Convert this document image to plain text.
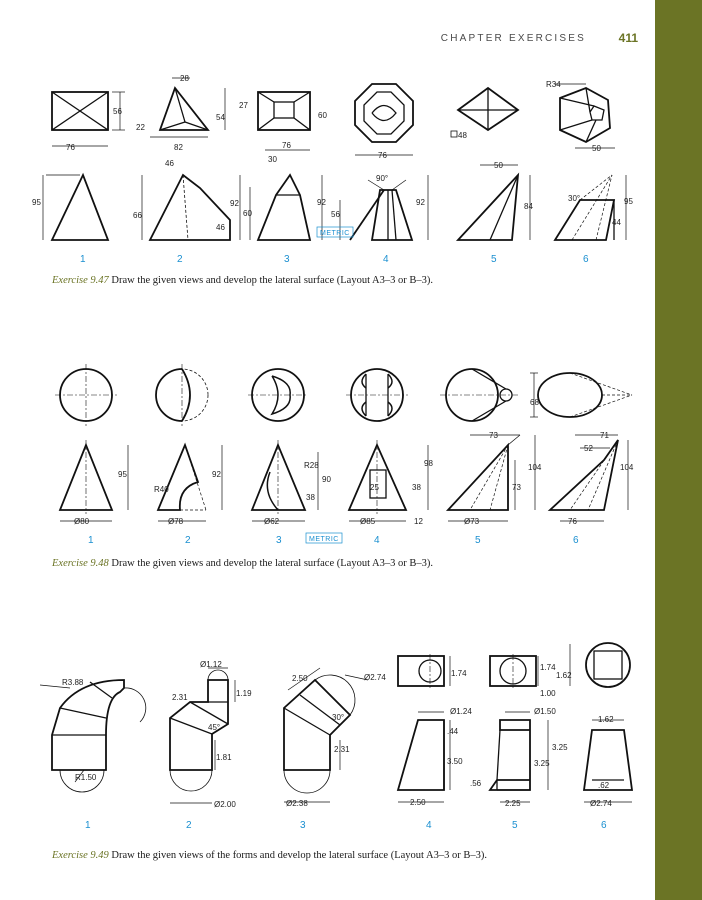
CHAPTER EXERCISES	411
56
76
95
28
22
54
82
46
66
92
46
27
60
76
30
60
92
METRIC
76
56
90°
92
48
50
84
R34
50
30°	95
44
1	2	3	4	5	6
Exercise 9.47 Draw the given views and develop the lateral surface (Layout A3–3 or B–3).
95
Ø80
R40
92
Ø78
R28
90
38
Ø62
98
25	38
Ø85	12
73
104
73
Ø73
68
71
52
104
76
METRIC
1	2	3	4	5	6
Exercise 9.48 Draw the given views and develop the lateral surface (Layout A3–3 or B–3).
R3.88
R1.50
Ø1.12
2.31	1.19
45°
1.81
Ø2.00
2.50	Ø2.74
30°
2.31
Ø2.38
1.74
Ø1.24
.44
3.50
2.50
1.74
.56
1.00
Ø1.50
3.25
3.25
2.25
1.62
1.62
.62
Ø2.74
1	2	3	4	5	6
Exercise 9.49 Draw the given views of the forms and develop the lateral surface (Layout A3–3 or B–3).
